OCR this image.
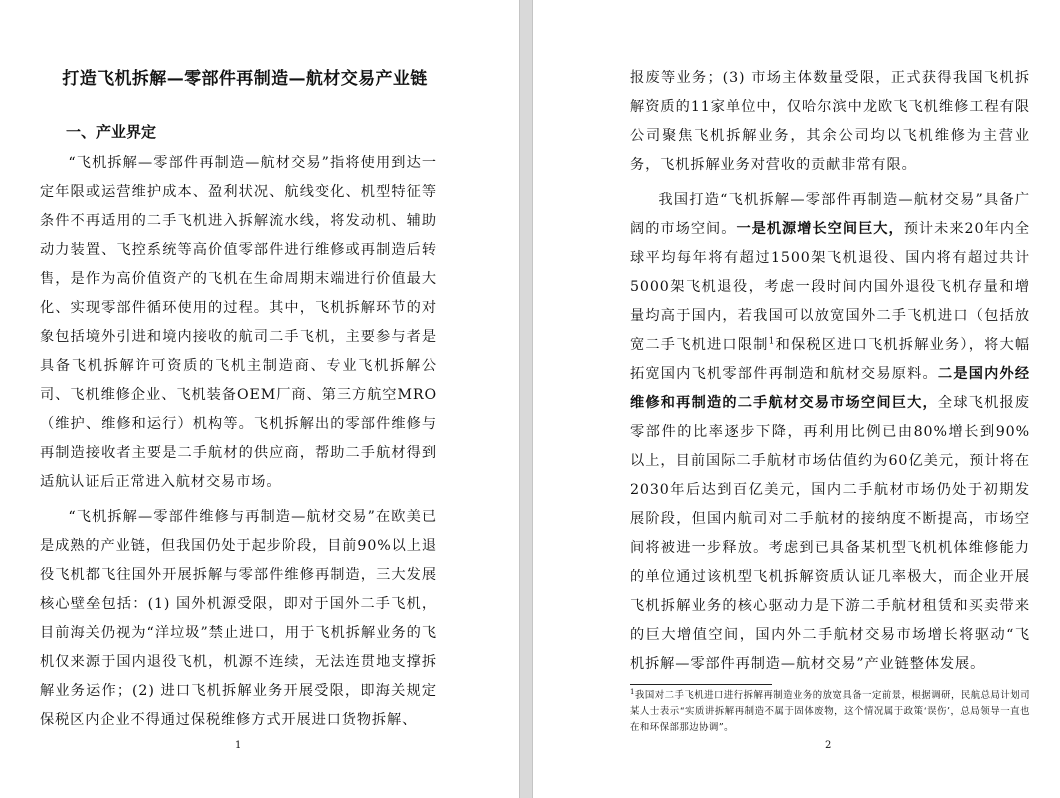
打造飞机拆解—零部件再制造—航材交易产业链
一、产业界定

“飞机拆解—零部件再制造—航材交易”指将使用到达一定年限或运营维护成本、盈利状况、航线变化、机型特征等条件不再适用的二手飞机进入拆解流水线，将发动机、辅助动力装置、飞控系统等高价值零部件进行维修或再制造后转售，是作为高价值资产的飞机在生命周期末端进行价值最大化、实现零部件循环使用的过程。其中，飞机拆解环节的对象包括境外引进和境内接收的航司二手飞机，主要参与者是具备飞机拆解许可资质的飞机主制造商、专业飞机拆解公司、飞机维修企业、飞机装备OEM厂商、第三方航空MRO（维护、维修和运行）机构等。飞机拆解出的零部件维修与再制造接收者主要是二手航材的供应商，帮助二手航材得到适航认证后正常进入航材交易市场。

“飞机拆解—零部件维修与再制造—航材交易”在欧美已是成熟的产业链，但我国仍处于起步阶段，目前90%以上退役飞机都飞往国外开展拆解与零部件维修再制造，三大发展核心壁垒包括：(1) 国外机源受限，即对于国外二手飞机，目前海关仍视为“洋垃圾”禁止进口，用于飞机拆解业务的飞机仅来源于国内退役飞机，机源不连续，无法连贯地支撑拆解业务运作；(2) 进口飞机拆解业务开展受限，即海关规定保税区内企业不得通过保税维修方式开展进口货物拆解、

1

报废等业务；(3) 市场主体数量受限，正式获得我国飞机拆解资质的11家单位中，仅哈尔滨中龙欧飞飞机维修工程有限公司聚焦飞机拆解业务，其余公司均以飞机维修为主营业务，飞机拆解业务对营收的贡献非常有限。

我国打造“飞机拆解—零部件再制造—航材交易”具备广阔的市场空间。一是机源增长空间巨大，预计未来20年内全球平均每年将有超过1500架飞机退役、国内将有超过共计5000架飞机退役，考虑一段时间内国外退役飞机存量和增量均高于国内，若我国可以放宽国外二手飞机进口（包括放宽二手飞机进口限制$^1$和保税区进口飞机拆解业务），将大幅拓宽国内飞机零部件再制造和航材交易原料。二是国内外经维修和再制造的二手航材交易市场空间巨大，全球飞机报废零部件的比率逐步下降，再利用比例已由80%增长到90%以上，目前国际二手航材市场估值约为60亿美元，预计将在2030年后达到百亿美元，国内二手航材市场仍处于初期发展阶段，但国内航司对二手航材的接纳度不断提高，市场空间将被进一步释放。考虑到已具备某机型飞机机体维修能力的单位通过该机型飞机拆解资质认证几率极大，而企业开展飞机拆解业务的核心驱动力是下游二手航材租赁和买卖带来的巨大增值空间，国内外二手航材交易市场增长将驱动“飞机拆解—零部件再制造—航材交易”产业链整体发展。

$^1$我国对二手飞机进口进行拆解再制造业务的放宽具备一定前景，根据调研，民航总局计划司某人士表示“实质讲拆解再制造不属于固体废物，这个情况属于政策‘误伤’，总局领导一直也在和环保部那边协调”。
2
